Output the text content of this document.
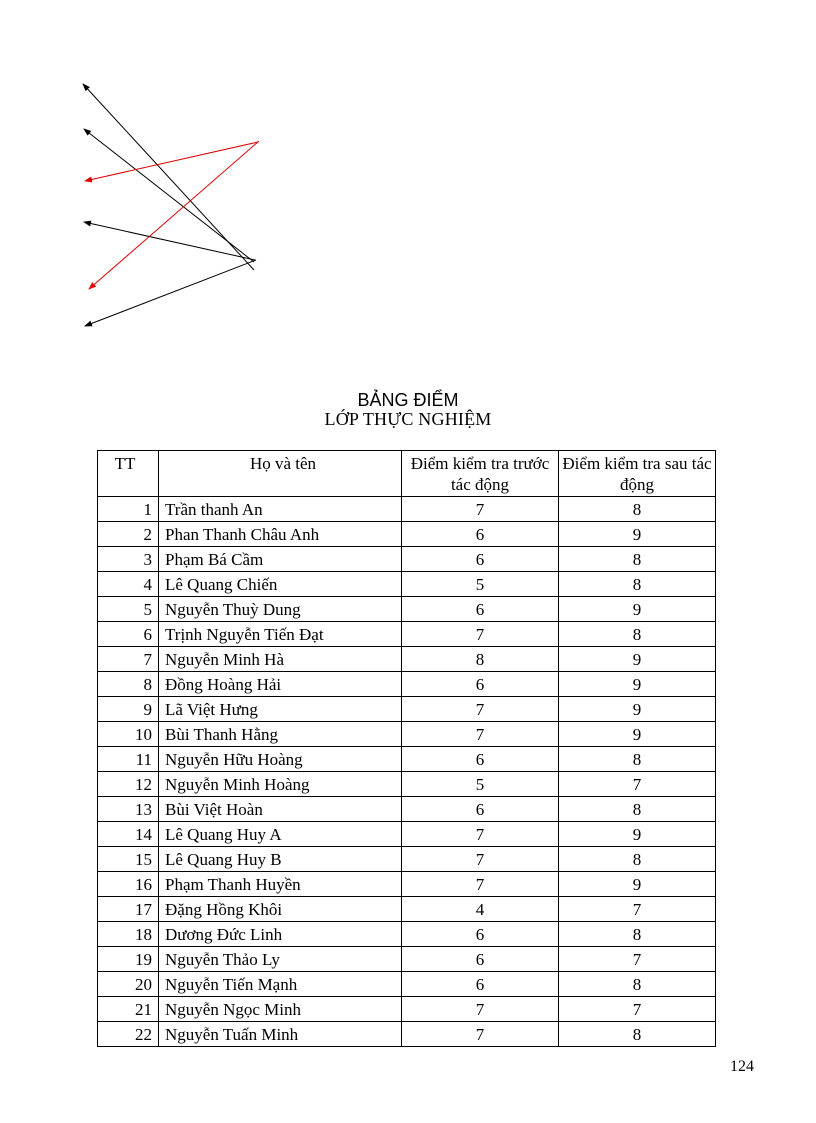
BẢNG ĐIỂM
LỚP THỰC NGHIỆM
TT	Họ và tên	Điểm kiểm tra trước tác động	Điểm kiểm tra sau tác động
1	Trần thanh An	7	8
2	Phan Thanh Châu Anh	6	9
3	Phạm Bá Cầm	6	8
4	Lê Quang Chiến	5	8
5	Nguyễn Thuỳ Dung	6	9
6	Trịnh Nguyễn Tiến Đạt	7	8
7	Nguyễn Minh Hà	8	9
8	Đồng Hoàng Hải	6	9
9	Lã Việt Hưng	7	9
10	Bùi Thanh Hằng	7	9
11	Nguyễn Hữu Hoàng	6	8
12	Nguyễn Minh Hoàng	5	7
13	Bùi Việt Hoàn	6	8
14	Lê Quang Huy A	7	9
15	Lê Quang Huy B	7	8
16	Phạm Thanh Huyền	7	9
17	Đặng Hồng Khôi	4	7
18	Dương Đức Linh	6	8
19	Nguyễn Thảo Ly	6	7
20	Nguyễn Tiến Mạnh	6	8
21	Nguyễn Ngọc Minh	7	7
22	Nguyễn Tuấn Minh	7	8
124
